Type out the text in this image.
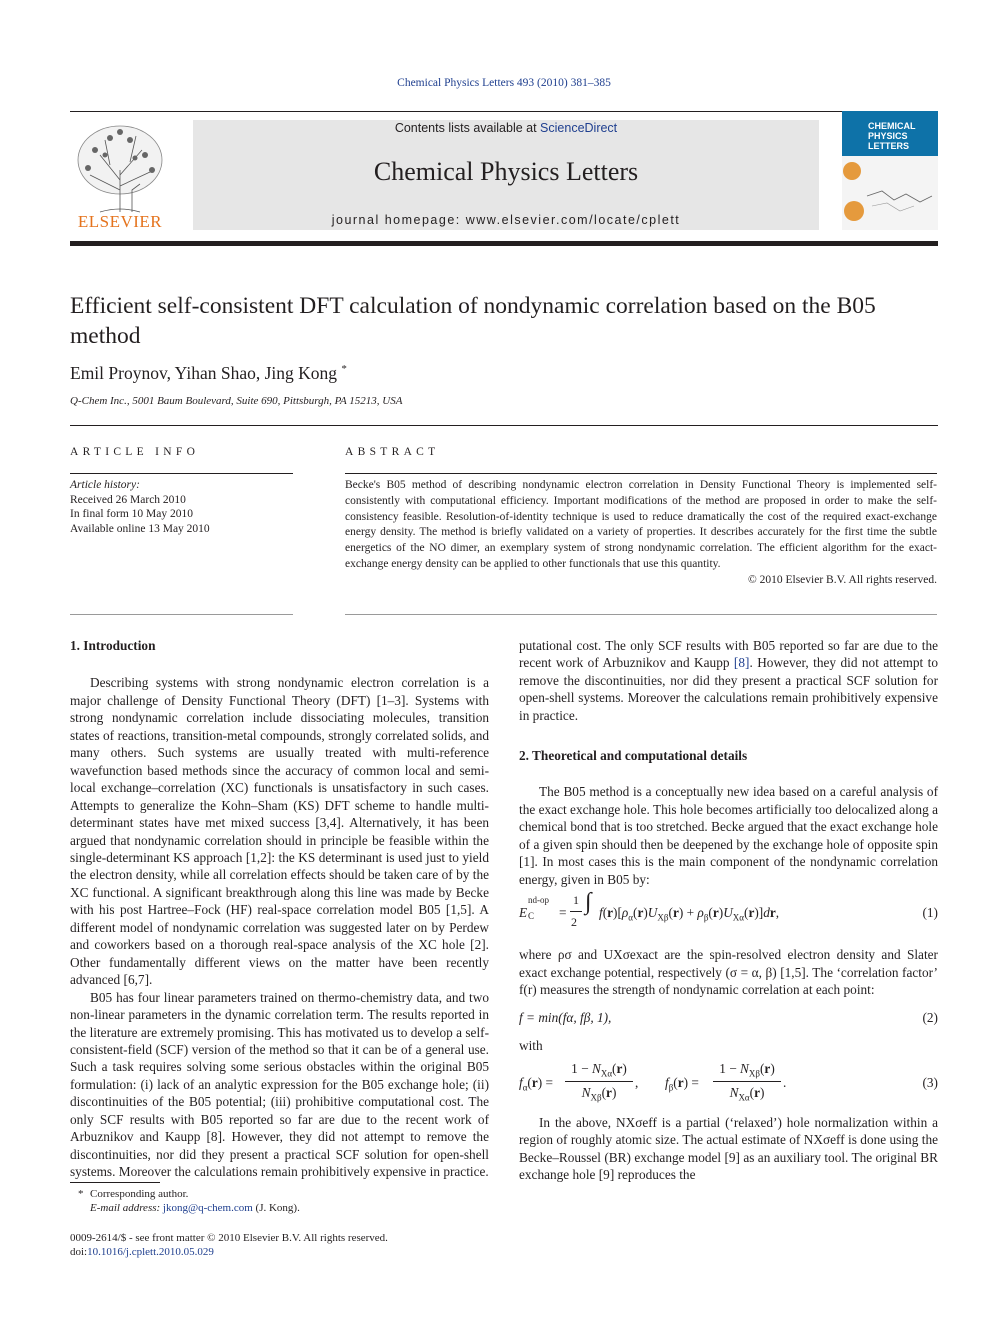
Chemical Physics Letters 493 (2010) 381–385
ELSEVIER
Contents lists available at ScienceDirect
Chemical Physics Letters
journal homepage: www.elsevier.com/locate/cplett
CHEMICAL
PHYSICS
LETTERS
Efficient self-consistent DFT calculation of nondynamic correlation based on the B05 method
Emil Proynov, Yihan Shao, Jing Kong *
Q-Chem Inc., 5001 Baum Boulevard, Suite 690, Pittsburgh, PA 15213, USA
ARTICLE INFO
Article history:
Received 26 March 2010
In final form 10 May 2010
Available online 13 May 2010
ABSTRACT
Becke's B05 method of describing nondynamic electron correlation in Density Functional Theory is implemented self-consistently with computational efficiency. Important modifications of the method are proposed in order to make the self-consistency feasible. Resolution-of-identity technique is used to reduce dramatically the cost of the required exact-exchange energy density. The method is briefly validated on a variety of properties. It describes accurately for the first time the subtle energetics of the NO dimer, an exemplary system of strong nondynamic correlation. The efficient algorithm for the exact-exchange energy density can be applied to other functionals that use this quantity.
© 2010 Elsevier B.V. All rights reserved.
1. Introduction

Describing systems with strong nondynamic electron correlation is a major challenge of Density Functional Theory (DFT) [1–3]. Systems with strong nondynamic correlation include dissociating molecules, transition states of reactions, transition-metal compounds, strongly correlated solids, and many others. Such systems are usually treated with multi-reference wavefunction based methods since the accuracy of common local and semi-local exchange–correlation (XC) functionals is unsatisfactory in such cases. Attempts to generalize the Kohn–Sham (KS) DFT scheme to handle multi-determinant states have met mixed success [3,4]. Alternatively, it has been argued that nondynamic correlation should in principle be feasible within the single-determinant KS approach [1,2]: the KS determinant is used just to yield the electron density, while all correlation effects should be taken care of by the XC functional. A significant breakthrough along this line was made by Becke with his post Hartree–Fock (HF) real-space correlation model B05 [1,5]. A different model of nondynamic correlation was suggested later on by Perdew and coworkers based on a thorough real-space analysis of the XC hole [2]. Other fundamentally different views on the matter have been recently advanced [6,7].

B05 has four linear parameters trained on thermo-chemistry data, and two non-linear parameters in the dynamic correlation term. The results reported in the literature are extremely promising. This has motivated us to develop a self-consistent-field (SCF) version of the method so that it can be of a general use. Such a task requires solving some serious obstacles within the original B05 formulation: (i) lack of an analytic expression for the B05 exchange hole; (ii) discontinuities of the B05 potential; (iii) prohibitive computational cost. The only SCF results with B05 reported so far are due to the recent work of Arbuznikov and Kaupp [8]. However, they did not attempt to remove the discontinuities, nor did they present a practical SCF solution for open-shell systems. Moreover the calculations remain prohibitively expensive in practice.

* Corresponding author.
E-mail address: jkong@q-chem.com (J. Kong).
0009-2614/$ - see front matter © 2010 Elsevier B.V. All rights reserved.
doi:10.1016/j.cplett.2010.05.029

putational cost. The only SCF results with B05 reported so far are due to the recent work of Arbuznikov and Kaupp [8]. However, they did not attempt to remove the discontinuities, nor did they present a practical SCF solution for open-shell systems. Moreover the calculations remain prohibitively expensive in practice.

2. Theoretical and computational details

The B05 method is a conceptually new idea based on a careful analysis of the exact exchange hole. This hole becomes artificially too delocalized along a chemical bond that is too stretched. Becke argued that the exact exchange hole of a given spin should then be deepened by the exchange hole of opposite spin [1]. In most cases this is the main component of the nondynamic correlation energy, given in B05 by:

E
nd-op
C =
1
2
∫ $f(r)[\rho_\alpha(r)U_{X\beta}(r) + \rho_\beta(r)U_{X\alpha}(r)]dr$,	(1)

where ρσ and UXσexact are the spin-resolved electron density and Slater exact exchange potential, respectively (σ = α, β) [1,5]. The ‘correlation factor’ f(r) measures the strength of nondynamic correlation at each point:

f = min(fα, fβ, 1),	(2)

with

$f_\alpha(r)$ =
$1 - N_{X\alpha}(r)$
$N_{X\beta}(r)$
, $f_\beta(r)$ =
$1 - N_{X\beta}(r)$
$N_{X\alpha}(r)$
.	(3)

In the above, NXσeff is a partial (‘relaxed’) hole normalization within a region of roughly atomic size. The actual estimate of NXσeff is done using the Becke–Roussel (BR) exchange model [9] as an auxiliary tool. The original BR exchange hole [9] reproduces the
